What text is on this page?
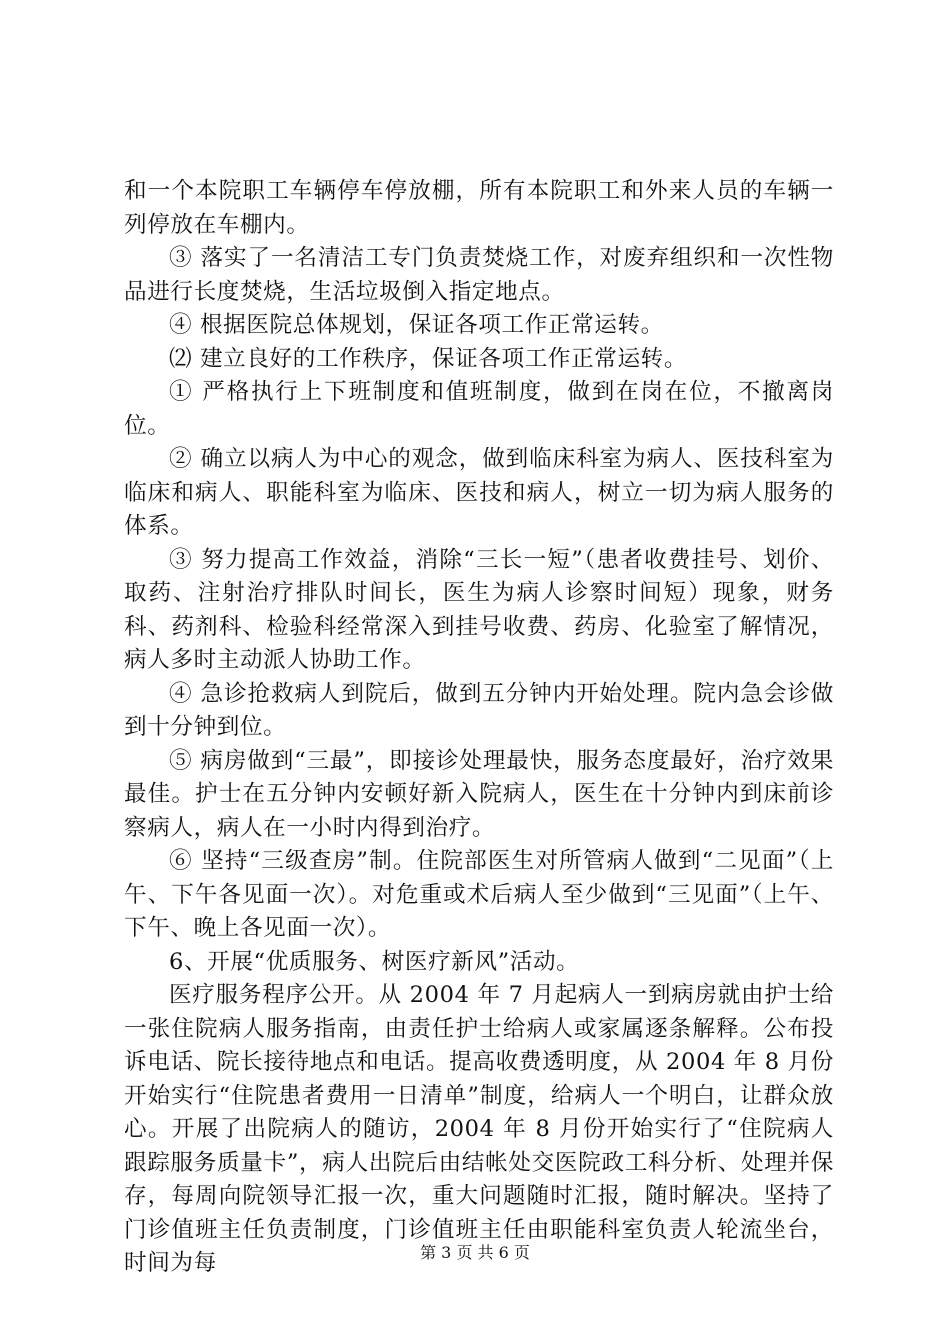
和一个本院职工车辆停车停放棚，所有本院职工和外来人员的车辆一列停放在车棚内。

③ 落实了一名清洁工专门负责焚烧工作，对废弃组织和一次性物品进行长度焚烧，生活垃圾倒入指定地点。

④ 根据医院总体规划，保证各项工作正常运转。

⑵ 建立良好的工作秩序，保证各项工作正常运转。

① 严格执行上下班制度和值班制度，做到在岗在位，不撤离岗位。

② 确立以病人为中心的观念，做到临床科室为病人、医技科室为临床和病人、职能科室为临床、医技和病人，树立一切为病人服务的体系。

③ 努力提高工作效益，消除“三长一短”（患者收费挂号、划价、取药、注射治疗排队时间长，医生为病人诊察时间短）现象，财务科、药剂科、检验科经常深入到挂号收费、药房、化验室了解情况，病人多时主动派人协助工作。

④ 急诊抢救病人到院后，做到五分钟内开始处理。院内急会诊做到十分钟到位。

⑤ 病房做到“三最”，即接诊处理最快，服务态度最好，治疗效果最佳。护士在五分钟内安顿好新入院病人，医生在十分钟内到床前诊察病人，病人在一小时内得到治疗。

⑥ 坚持“三级查房”制。住院部医生对所管病人做到“二见面”（上午、下午各见面一次）。对危重或术后病人至少做到“三见面”（上午、下午、晚上各见面一次）。

6、开展“优质服务、树医疗新风”活动。

医疗服务程序公开。从 2004 年 7 月起病人一到病房就由护士给一张住院病人服务指南，由责任护士给病人或家属逐条解释。公布投诉电话、院长接待地点和电话。提高收费透明度，从 2004 年 8 月份开始实行“住院患者费用一日清单”制度，给病人一个明白，让群众放心。开展了出院病人的随访，2004 年 8 月份开始实行了“住院病人跟踪服务质量卡”，病人出院后由结帐处交医院政工科分析、处理并保存，每周向院领导汇报一次，重大问题随时汇报，随时解决。坚持了门诊值班主任负责制度，门诊值班主任由职能科室负责人轮流坐台，时间为每	第 3 页 共 6 页
